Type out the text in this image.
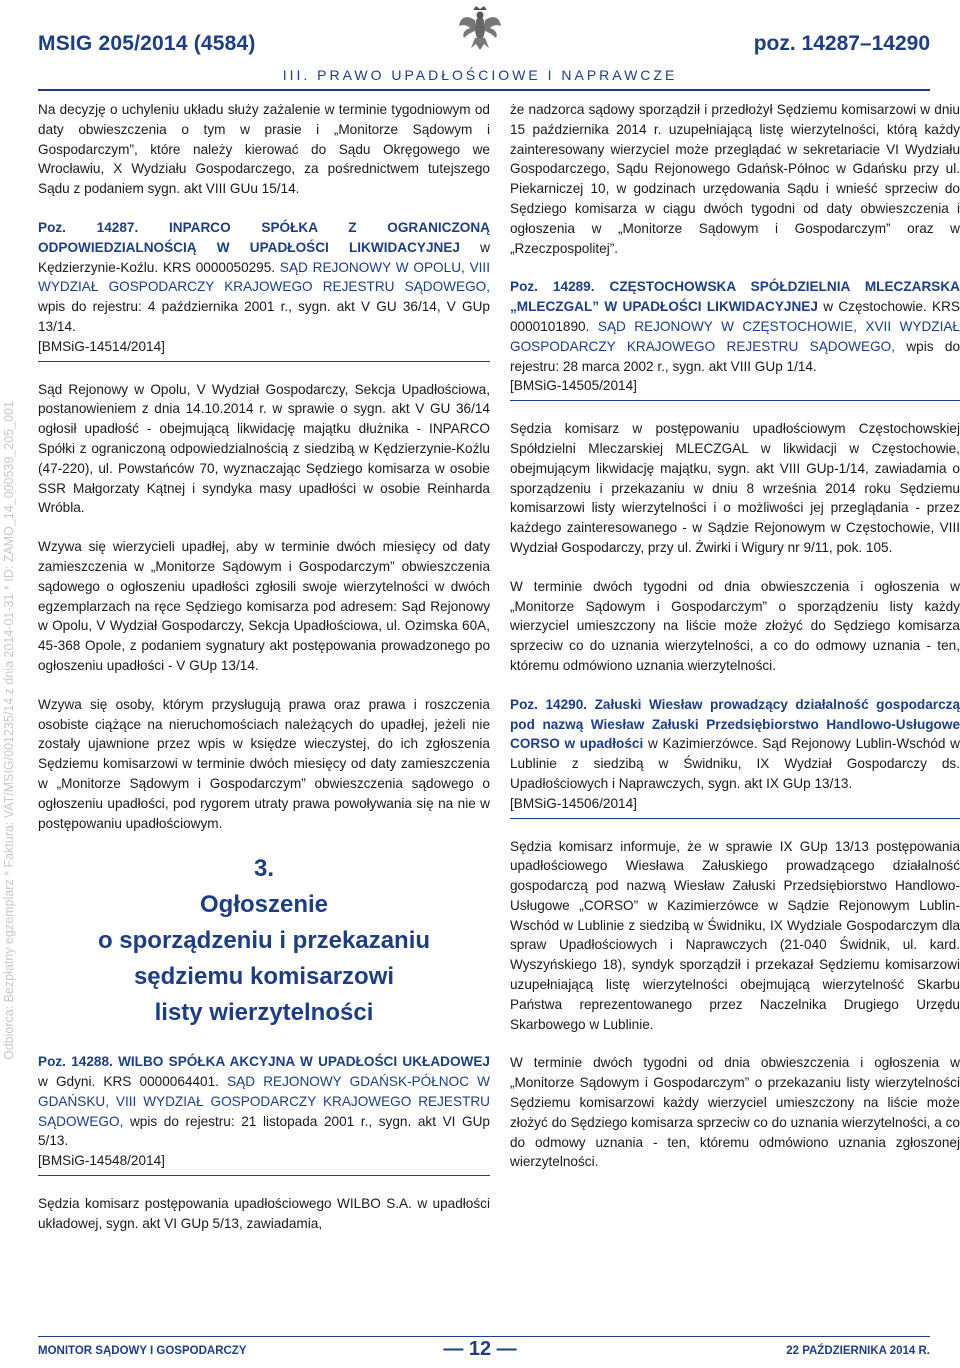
MSIG 205/2014 (4584)	poz. 14287–14290
III. PRAWO UPADŁOŚCIOWE I NAPRAWCZE
Odbiorca: Bezpłatny egzemplarz * Faktura: VAT/MSIG/001235/14 z dnia 2014-01-31 * ID: ZAMO_14_000539_205_001

Na decyzję o uchyleniu układu służy zażalenie w terminie tygodniowym od daty obwieszczenia o tym w prasie i „Monitorze Sądowym i Gospodarczym”, które należy kierować do Sądu Okręgowego we Wrocławiu, X Wydziału Gospodarczego, za pośrednictwem tutejszego Sądu z podaniem sygn. akt VIII GUu 15/14.

Poz. 14287. INPARCO SPÓŁKA Z OGRANICZONĄ ODPOWIEDZIALNOŚCIĄ W UPADŁOŚCI LIKWIDACYJNEJ w Kędzierzynie-Koźlu. KRS 0000050295. SĄD REJONOWY W OPOLU, VIII WYDZIAŁ GOSPODARCZY KRAJOWEGO REJESTRU SĄDOWEGO, wpis do rejestru: 4 października 2001 r., sygn. akt V GU 36/14, V GUp 13/14.
[BMSiG-14514/2014]

Sąd Rejonowy w Opolu, V Wydział Gospodarczy, Sekcja Upadłościowa, postanowieniem z dnia 14.10.2014 r. w sprawie o sygn. akt V GU 36/14 ogłosił upadłość - obejmującą likwidację majątku dłużnika - INPARCO Spółki z ograniczoną odpowiedzialnością z siedzibą w Kędzierzynie-Koźlu (47-220), ul. Powstańców 70, wyznaczając Sędziego komisarza w osobie SSR Małgorzaty Kątnej i syndyka masy upadłości w osobie Reinharda Wróbla.

Wzywa się wierzycieli upadłej, aby w terminie dwóch miesięcy od daty zamieszczenia w „Monitorze Sądowym i Gospodarczym” obwieszczenia sądowego o ogłoszeniu upadłości zgłosili swoje wierzytelności w dwóch egzemplarzach na ręce Sędziego komisarza pod adresem: Sąd Rejonowy w Opolu, V Wydział Gospodarczy, Sekcja Upadłościowa, ul. Ozimska 60A, 45-368 Opole, z podaniem sygnatury akt postępowania prowadzonego po ogłoszeniu upadłości - V GUp 13/14.

Wzywa się osoby, którym przysługują prawa oraz prawa i roszczenia osobiste ciążące na nieruchomościach należących do upadłej, jeżeli nie zostały ujawnione przez wpis w księdze wieczystej, do ich zgłoszenia Sędziemu komisarzowi w terminie dwóch miesięcy od daty zamieszczenia w „Monitorze Sądowym i Gospodarczym” obwieszczenia sądowego o ogłoszeniu upadłości, pod rygorem utraty prawa powoływania się na nie w postępowaniu upadłościowym.

3.
Ogłoszenie
o sporządzeniu i przekazaniu
sędziemu komisarzowi
listy wierzytelności

Poz. 14288. WILBO SPÓŁKA AKCYJNA W UPADŁOŚCI UKŁADOWEJ w Gdyni. KRS 0000064401. SĄD REJONOWY GDAŃSK-PÓŁNOC W GDAŃSKU, VIII WYDZIAŁ GOSPODARCZY KRAJOWEGO REJESTRU SĄDOWEGO, wpis do rejestru: 21 listopada 2001 r., sygn. akt VI GUp 5/13.
[BMSiG-14548/2014]

Sędzia komisarz postępowania upadłościowego WILBO S.A. w upadłości układowej, sygn. akt VI GUp 5/13, zawiadamia,

że nadzorca sądowy sporządził i przedłożył Sędziemu komisarzowi w dniu 15 października 2014 r. uzupełniającą listę wierzytelności, którą każdy zainteresowany wierzyciel może przeglądać w sekretariacie VI Wydziału Gospodarczego, Sądu Rejonowego Gdańsk-Północ w Gdańsku przy ul. Piekarniczej 10, w godzinach urzędowania Sądu i wnieść sprzeciw do Sędziego komisarza w ciągu dwóch tygodni od daty obwieszczenia i ogłoszenia w „Monitorze Sądowym i Gospodarczym” oraz w „Rzeczpospolitej”.

Poz. 14289. CZĘSTOCHOWSKA SPÓŁDZIELNIA MLECZARSKA „MLECZGAL” W UPADŁOŚCI LIKWIDACYJNEJ w Częstochowie. KRS 0000101890. SĄD REJONOWY W CZĘSTOCHOWIE, XVII WYDZIAŁ GOSPODARCZY KRAJOWEGO REJESTRU SĄDOWEGO, wpis do rejestru: 28 marca 2002 r., sygn. akt VIII GUp 1/14.
[BMSiG-14505/2014]

Sędzia komisarz w postępowaniu upadłościowym Częstochowskiej Spółdzielni Mleczarskiej MLECZGAL w likwidacji w Częstochowie, obejmującym likwidację majątku, sygn. akt VIII GUp-1/14, zawiadamia o sporządzeniu i przekazaniu w dniu 8 września 2014 roku Sędziemu komisarzowi listy wierzytelności i o możliwości jej przeglądania - przez każdego zainteresowanego - w Sądzie Rejonowym w Częstochowie, VIII Wydział Gospodarczy, przy ul. Żwirki i Wigury nr 9/11, pok. 105.

W terminie dwóch tygodni od dnia obwieszczenia i ogłoszenia w „Monitorze Sądowym i Gospodarczym” o sporządzeniu listy każdy wierzyciel umieszczony na liście może złożyć do Sędziego komisarza sprzeciw co do uznania wierzytelności, a co do odmowy uznania - ten, któremu odmówiono uznania wierzytelności.

Poz. 14290. Załuski Wiesław prowadzący działalność gospodarczą pod nazwą Wiesław Załuski Przedsiębiorstwo Handlowo-Usługowe CORSO w upadłości w Kazimierzówce. Sąd Rejonowy Lublin-Wschód w Lublinie z siedzibą w Świdniku, IX Wydział Gospodarczy ds. Upadłościowych i Naprawczych, sygn. akt IX GUp 13/13.
[BMSiG-14506/2014]

Sędzia komisarz informuje, że w sprawie IX GUp 13/13 postępowania upadłościowego Wiesława Załuskiego prowadzącego działalność gospodarczą pod nazwą Wiesław Załuski Przedsiębiorstwo Handlowo-Usługowe „CORSO” w Kazimierzówce w Sądzie Rejonowym Lublin-Wschód w Lublinie z siedzibą w Świdniku, IX Wydziale Gospodarczym dla spraw Upadłościowych i Naprawczych (21-040 Świdnik, ul. kard. Wyszyńskiego 18), syndyk sporządził i przekazał Sędziemu komisarzowi uzupełniającą listę wierzytelności obejmującą wierzytelność Skarbu Państwa reprezentowanego przez Naczelnika Drugiego Urzędu Skarbowego w Lublinie.

W terminie dwóch tygodni od dnia obwieszczenia i ogłoszenia w „Monitorze Sądowym i Gospodarczym” o przekazaniu listy wierzytelności Sędziemu komisarzowi każdy wierzyciel umieszczony na liście może złożyć do Sędziego komisarza sprzeciw co do uznania wierzytelności, a co do odmowy uznania - ten, któremu odmówiono uznania zgłoszonej wierzytelności.

MONITOR SĄDOWY I GOSPODARCZY	— 12 —	22 PAŹDZIERNIKA 2014 R.
